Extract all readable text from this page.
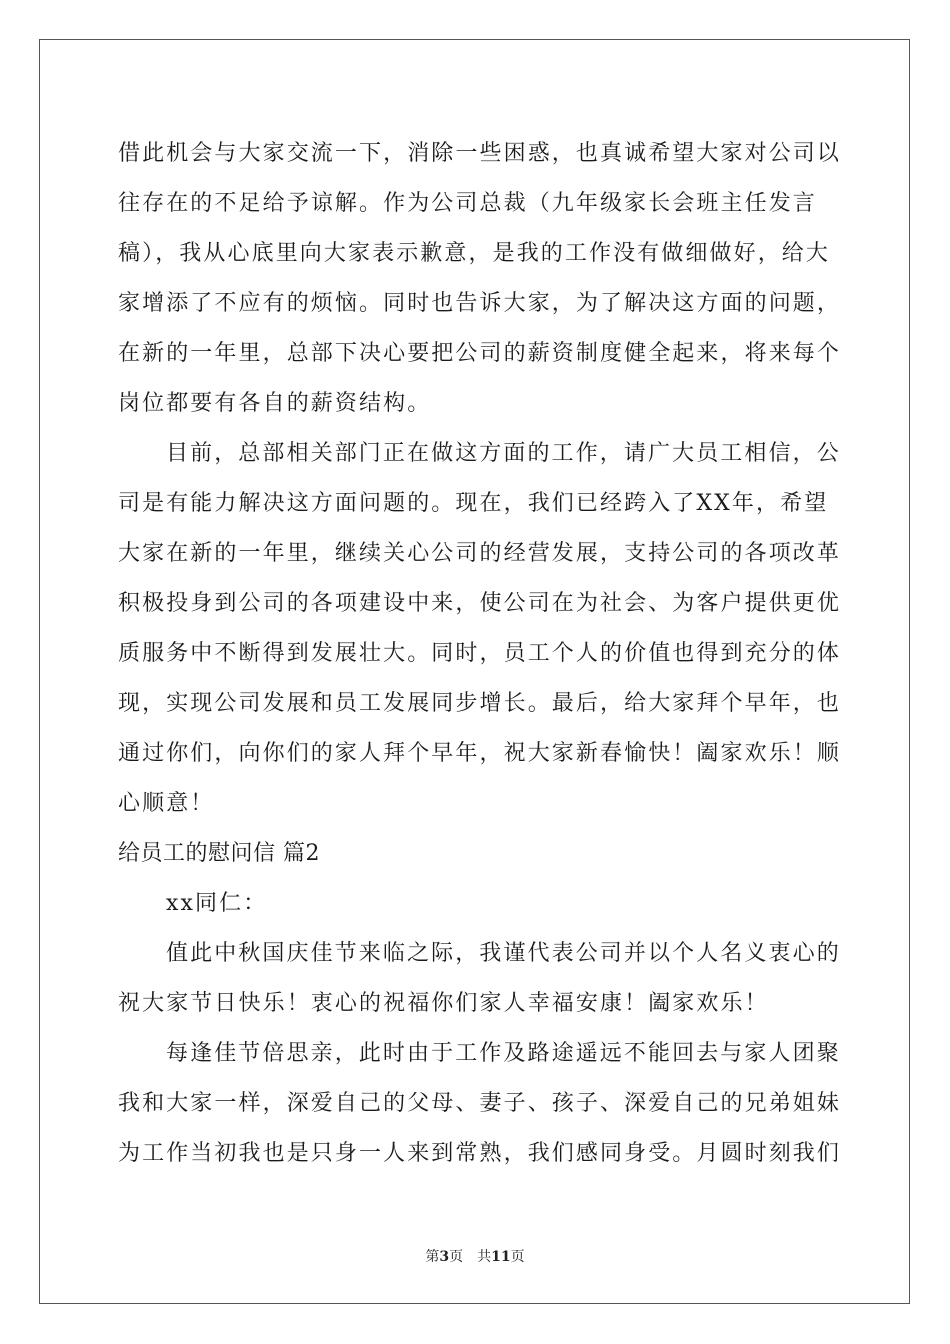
借此机会与大家交流一下，消除一些困惑，也真诚希望大家对公司以
往存在的不足给予谅解。作为公司总裁（九年级家长会班主任发言
稿），我从心底里向大家表示歉意，是我的工作没有做细做好，给大
家增添了不应有的烦恼。同时也告诉大家，为了解决这方面的问题，
在新的一年里，总部下决心要把公司的薪资制度健全起来，将来每个
岗位都要有各自的薪资结构。
目前，总部相关部门正在做这方面的工作，请广大员工相信，公
司是有能力解决这方面问题的。现在，我们已经跨入了XX年，希望
大家在新的一年里，继续关心公司的经营发展，支持公司的各项改革
积极投身到公司的各项建设中来，使公司在为社会、为客户提供更优
质服务中不断得到发展壮大。同时，员工个人的价值也得到充分的体
现，实现公司发展和员工发展同步增长。最后，给大家拜个早年，也
通过你们，向你们的家人拜个早年，祝大家新春愉快！阖家欢乐！顺
心顺意！
给员工的慰问信 篇2
xx同仁：
值此中秋国庆佳节来临之际，我谨代表公司并以个人名义衷心的
祝大家节日快乐！衷心的祝福你们家人幸福安康！阖家欢乐！
每逢佳节倍思亲，此时由于工作及路途遥远不能回去与家人团聚
我和大家一样，深爱自己的父母、妻子、孩子、深爱自己的兄弟姐妹
为工作当初我也是只身一人来到常熟，我们感同身受。月圆时刻我们
第3页 共11页
